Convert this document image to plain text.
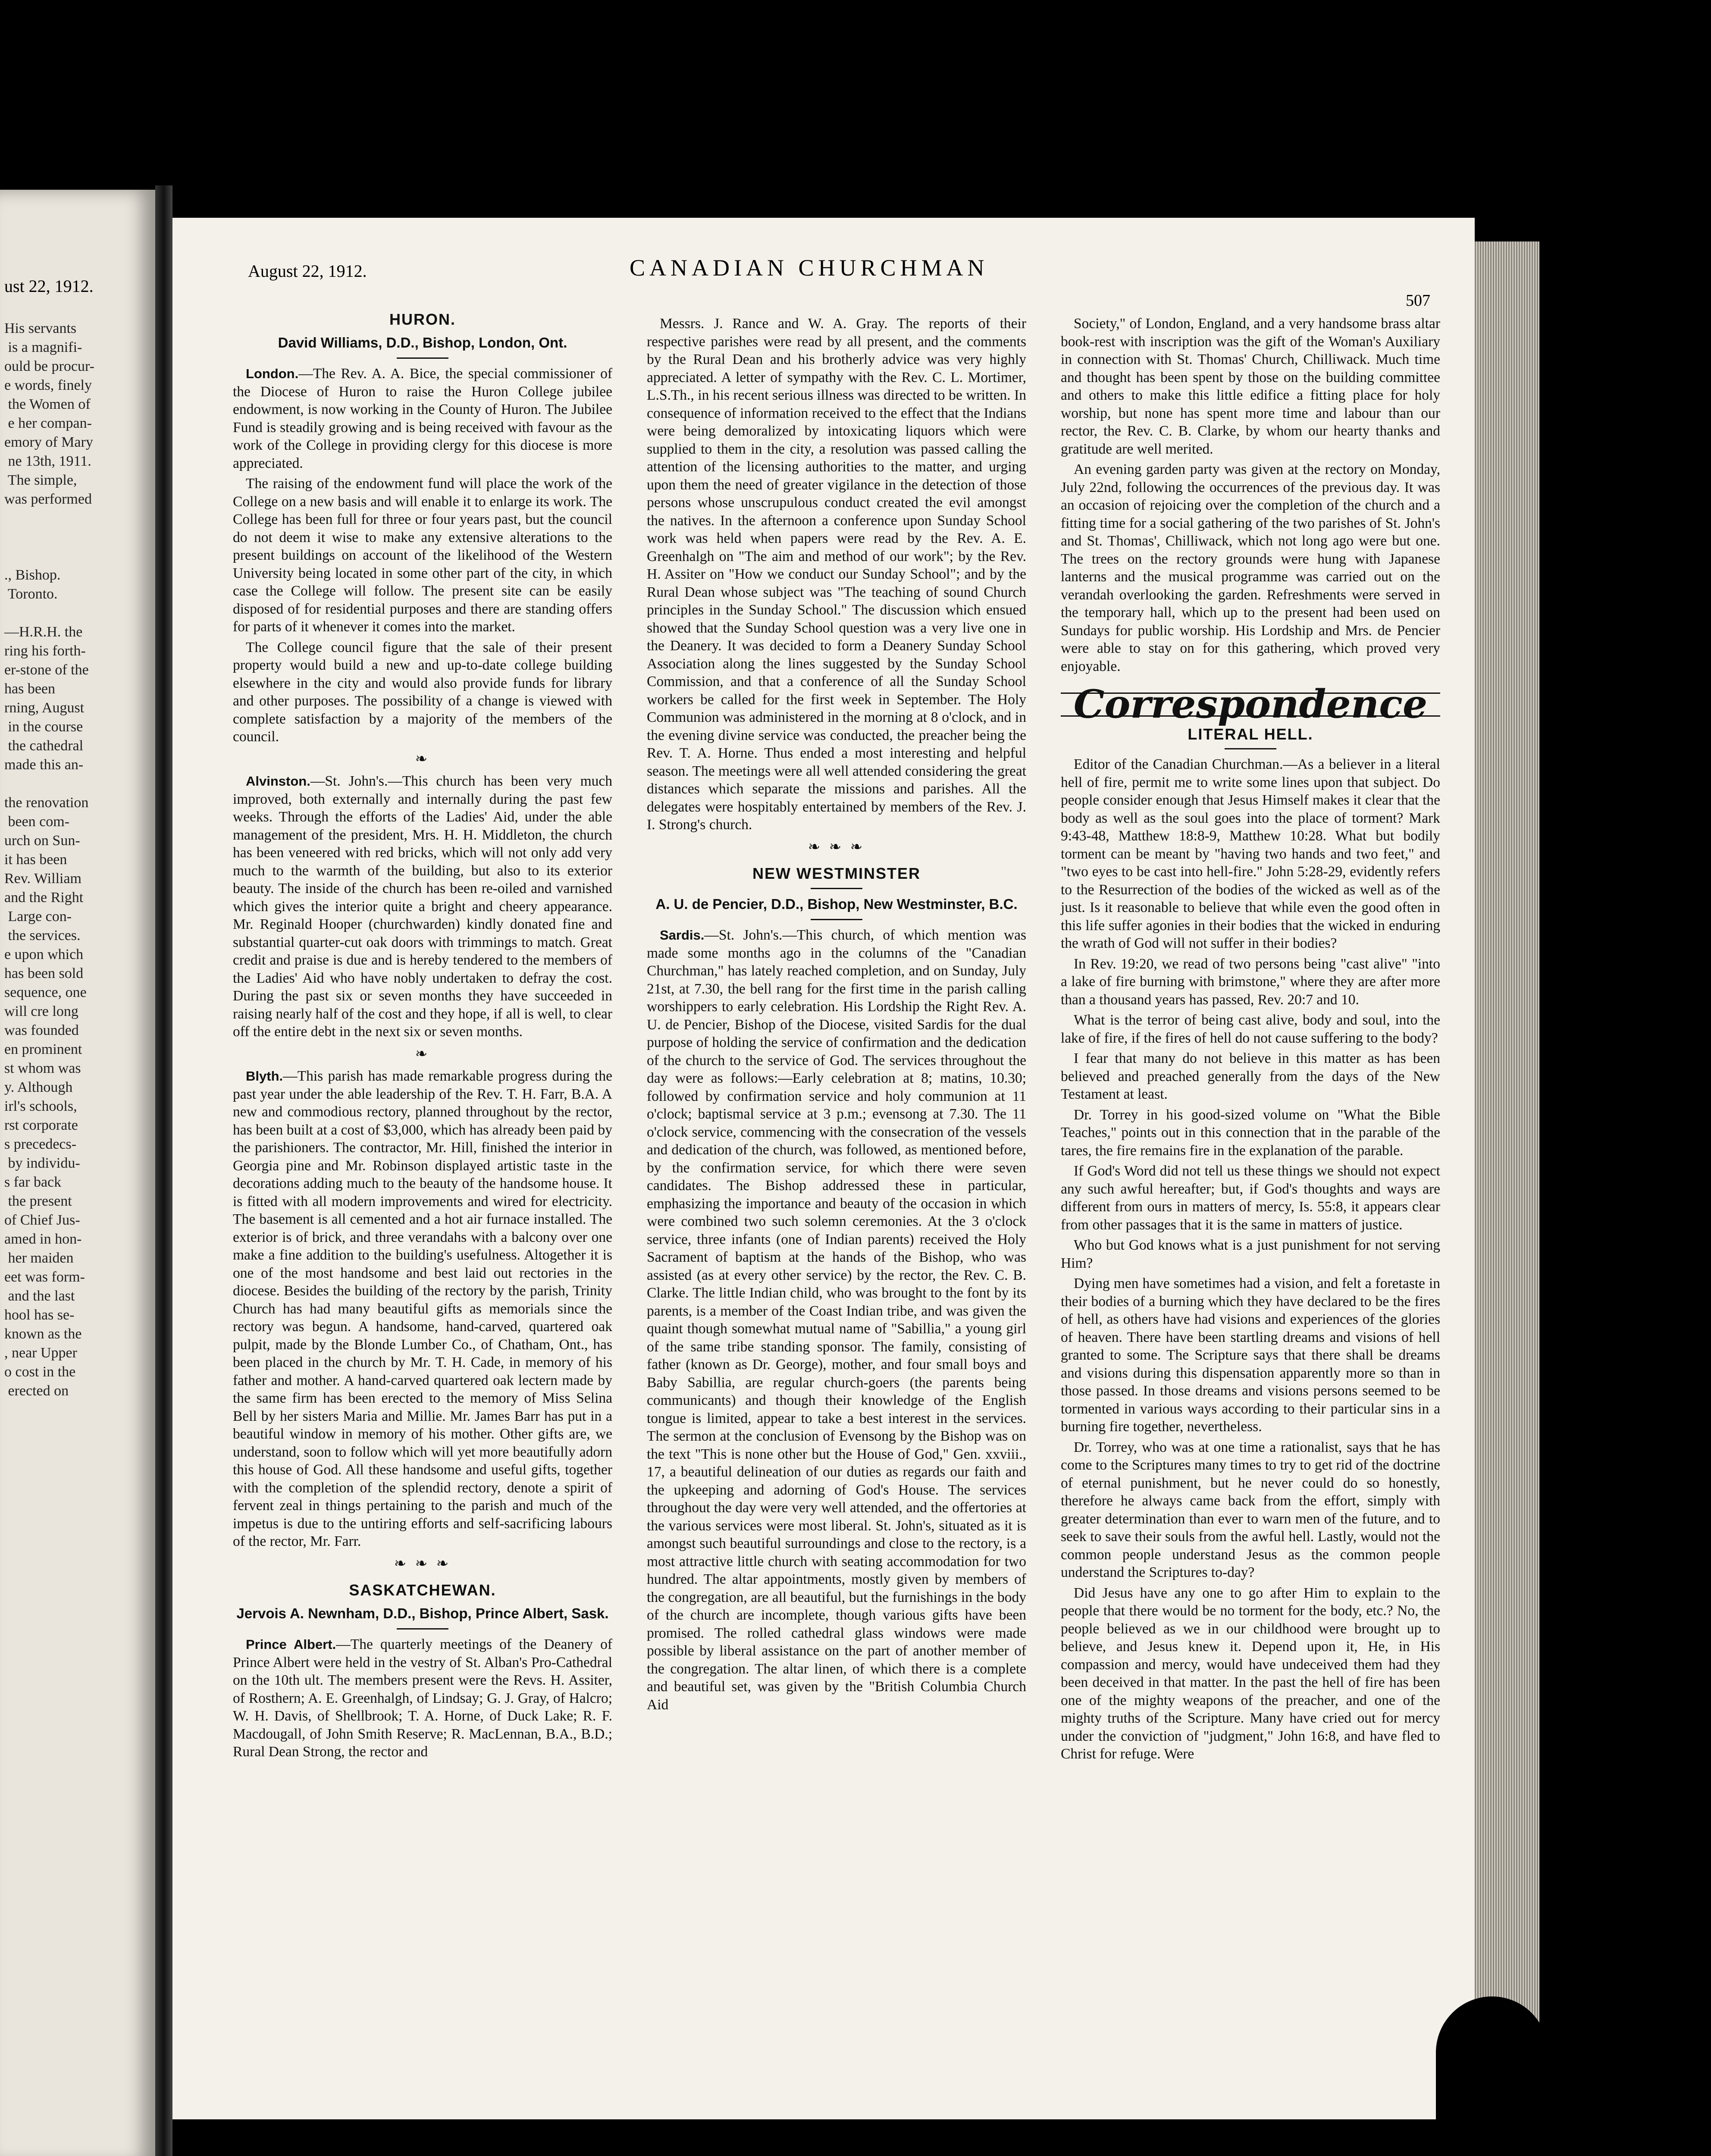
ust 22, 1912.
His servants
is a magnifi-
ould be procur-
e words, finely
the Women of
e her compan-
emory of Mary
ne 13th, 1911.
The simple,
was performed

., Bishop.
Toronto.

—H.R.H. the
ring his forth-
er-stone of the
has been
rning, August
in the course
the cathedral
made this an-

the renovation
been com-
urch on Sun-
it has been
Rev. William
and the Right
Large con-
the services.
e upon which
has been sold
sequence, one
will cre long
was founded
en prominent
st whom was
y. Although
irl's schools,
rst corporate
s precedecs-
by individu-
s far back
the present
of Chief Jus-
amed in hon-
her maiden
eet was form-
and the last
hool has se-
known as the
, near Upper
o cost in the
erected on
August 22, 1912.	CANADIAN CHURCHMAN
507
HURON.
David Williams, D.D., Bishop, London, Ont.

London.—The Rev. A. A. Bice, the special commissioner of the Diocese of Huron to raise the Huron College jubilee endowment, is now working in the County of Huron. The Jubilee Fund is steadily growing and is being received with favour as the work of the College in providing clergy for this diocese is more appreciated.

The raising of the endowment fund will place the work of the College on a new basis and will enable it to enlarge its work. The College has been full for three or four years past, but the council do not deem it wise to make any extensive alterations to the present buildings on account of the likelihood of the Western University being located in some other part of the city, in which case the College will follow. The present site can be easily disposed of for residential purposes and there are standing offers for parts of it whenever it comes into the market.

The College council figure that the sale of their present property would build a new and up-to-date college building elsewhere in the city and would also provide funds for library and other purposes. The possibility of a change is viewed with complete satisfaction by a majority of the members of the council.

❧

Alvinston.—St. John's.—This church has been very much improved, both externally and internally during the past few weeks. Through the efforts of the Ladies' Aid, under the able management of the president, Mrs. H. H. Middleton, the church has been veneered with red bricks, which will not only add very much to the warmth of the building, but also to its exterior beauty. The inside of the church has been re-oiled and varnished which gives the interior quite a bright and cheery appearance. Mr. Reginald Hooper (churchwarden) kindly donated fine and substantial quarter-cut oak doors with trimmings to match. Great credit and praise is due and is hereby tendered to the members of the Ladies' Aid who have nobly undertaken to defray the cost. During the past six or seven months they have succeeded in raising nearly half of the cost and they hope, if all is well, to clear off the entire debt in the next six or seven months.

❧

Blyth.—This parish has made remarkable progress during the past year under the able leadership of the Rev. T. H. Farr, B.A. A new and commodious rectory, planned throughout by the rector, has been built at a cost of $3,000, which has already been paid by the parishioners. The contractor, Mr. Hill, finished the interior in Georgia pine and Mr. Robinson displayed artistic taste in the decorations adding much to the beauty of the handsome house. It is fitted with all modern improvements and wired for electricity. The basement is all cemented and a hot air furnace installed. The exterior is of brick, and three verandahs with a balcony over one make a fine addition to the building's usefulness. Altogether it is one of the most handsome and best laid out rectories in the diocese. Besides the building of the rectory by the parish, Trinity Church has had many beautiful gifts as memorials since the rectory was begun. A handsome, hand-carved, quartered oak pulpit, made by the Blonde Lumber Co., of Chatham, Ont., has been placed in the church by Mr. T. H. Cade, in memory of his father and mother. A hand-carved quartered oak lectern made by the same firm has been erected to the memory of Miss Selina Bell by her sisters Maria and Millie. Mr. James Barr has put in a beautiful window in memory of his mother. Other gifts are, we understand, soon to follow which will yet more beautifully adorn this house of God. All these handsome and useful gifts, together with the completion of the splendid rectory, denote a spirit of fervent zeal in things pertaining to the parish and much of the impetus is due to the untiring efforts and self-sacrificing labours of the rector, Mr. Farr.

❧ ❧ ❧
SASKATCHEWAN.
Jervois A. Newnham, D.D., Bishop, Prince Albert, Sask.

Prince Albert.—The quarterly meetings of the Deanery of Prince Albert were held in the vestry of St. Alban's Pro-Cathedral on the 10th ult. The members present were the Revs. H. Assiter, of Rosthern; A. E. Greenhalgh, of Lindsay; G. J. Gray, of Halcro; W. H. Davis, of Shellbrook; T. A. Horne, of Duck Lake; R. F. Macdougall, of John Smith Reserve; R. MacLennan, B.A., B.D.; Rural Dean Strong, the rector and

Messrs. J. Rance and W. A. Gray. The reports of their respective parishes were read by all present, and the comments by the Rural Dean and his brotherly advice was very highly appreciated. A letter of sympathy with the Rev. C. L. Mortimer, L.S.Th., in his recent serious illness was directed to be written. In consequence of information received to the effect that the Indians were being demoralized by intoxicating liquors which were supplied to them in the city, a resolution was passed calling the attention of the licensing authorities to the matter, and urging upon them the need of greater vigilance in the detection of those persons whose unscrupulous conduct created the evil amongst the natives. In the afternoon a conference upon Sunday School work was held when papers were read by the Rev. A. E. Greenhalgh on "The aim and method of our work"; by the Rev. H. Assiter on "How we conduct our Sunday School"; and by the Rural Dean whose subject was "The teaching of sound Church principles in the Sunday School." The discussion which ensued showed that the Sunday School question was a very live one in the Deanery. It was decided to form a Deanery Sunday School Association along the lines suggested by the Sunday School Commission, and that a conference of all the Sunday School workers be called for the first week in September. The Holy Communion was administered in the morning at 8 o'clock, and in the evening divine service was conducted, the preacher being the Rev. T. A. Horne. Thus ended a most interesting and helpful season. The meetings were all well attended considering the great distances which separate the missions and parishes. All the delegates were hospitably entertained by members of the Rev. J. I. Strong's church.

❧ ❧ ❧
NEW WESTMINSTER
A. U. de Pencier, D.D., Bishop, New Westminster, B.C.

Sardis.—St. John's.—This church, of which mention was made some months ago in the columns of the "Canadian Churchman," has lately reached completion, and on Sunday, July 21st, at 7.30, the bell rang for the first time in the parish calling worshippers to early celebration. His Lordship the Right Rev. A. U. de Pencier, Bishop of the Diocese, visited Sardis for the dual purpose of holding the service of confirmation and the dedication of the church to the service of God. The services throughout the day were as follows:—Early celebration at 8; matins, 10.30; followed by confirmation service and holy communion at 11 o'clock; baptismal service at 3 p.m.; evensong at 7.30. The 11 o'clock service, commencing with the consecration of the vessels and dedication of the church, was followed, as mentioned before, by the confirmation service, for which there were seven candidates. The Bishop addressed these in particular, emphasizing the importance and beauty of the occasion in which were combined two such solemn ceremonies. At the 3 o'clock service, three infants (one of Indian parents) received the Holy Sacrament of baptism at the hands of the Bishop, who was assisted (as at every other service) by the rector, the Rev. C. B. Clarke. The little Indian child, who was brought to the font by its parents, is a member of the Coast Indian tribe, and was given the quaint though somewhat mutual name of "Sabillia," a young girl of the same tribe standing sponsor. The family, consisting of father (known as Dr. George), mother, and four small boys and Baby Sabillia, are regular church-goers (the parents being communicants) and though their knowledge of the English tongue is limited, appear to take a best interest in the services. The sermon at the conclusion of Evensong by the Bishop was on the text "This is none other but the House of God," Gen. xxviii., 17, a beautiful delineation of our duties as regards our faith and the upkeeping and adorning of God's House. The services throughout the day were very well attended, and the offertories at the various services were most liberal. St. John's, situated as it is amongst such beautiful surroundings and close to the rectory, is a most attractive little church with seating accommodation for two hundred. The altar appointments, mostly given by members of the congregation, are all beautiful, but the furnishings in the body of the church are incomplete, though various gifts have been promised. The rolled cathedral glass windows were made possible by liberal assistance on the part of another member of the congregation. The altar linen, of which there is a complete and beautiful set, was given by the "British Columbia Church Aid

Society," of London, England, and a very handsome brass altar book-rest with inscription was the gift of the Woman's Auxiliary in connection with St. Thomas' Church, Chilliwack. Much time and thought has been spent by those on the building committee and others to make this little edifice a fitting place for holy worship, but none has spent more time and labour than our rector, the Rev. C. B. Clarke, by whom our hearty thanks and gratitude are well merited.

An evening garden party was given at the rectory on Monday, July 22nd, following the occurrences of the previous day. It was an occasion of rejoicing over the completion of the church and a fitting time for a social gathering of the two parishes of St. John's and St. Thomas', Chilliwack, which not long ago were but one. The trees on the rectory grounds were hung with Japanese lanterns and the musical programme was carried out on the verandah overlooking the garden. Refreshments were served in the temporary hall, which up to the present had been used on Sundays for public worship. His Lordship and Mrs. de Pencier were able to stay on for this gathering, which proved very enjoyable.

Correspondence
LITERAL HELL.

Editor of the Canadian Churchman.—As a believer in a literal hell of fire, permit me to write some lines upon that subject. Do people consider enough that Jesus Himself makes it clear that the body as well as the soul goes into the place of torment? Mark 9:43-48, Matthew 18:8-9, Matthew 10:28. What but bodily torment can be meant by "having two hands and two feet," and "two eyes to be cast into hell-fire." John 5:28-29, evidently refers to the Resurrection of the bodies of the wicked as well as of the just. Is it reasonable to believe that while even the good often in this life suffer agonies in their bodies that the wicked in enduring the wrath of God will not suffer in their bodies?

In Rev. 19:20, we read of two persons being "cast alive" "into a lake of fire burning with brimstone," where they are after more than a thousand years has passed, Rev. 20:7 and 10.

What is the terror of being cast alive, body and soul, into the lake of fire, if the fires of hell do not cause suffering to the body?

I fear that many do not believe in this matter as has been believed and preached generally from the days of the New Testament at least.

Dr. Torrey in his good-sized volume on "What the Bible Teaches," points out in this connection that in the parable of the tares, the fire remains fire in the explanation of the parable.

If God's Word did not tell us these things we should not expect any such awful hereafter; but, if God's thoughts and ways are different from ours in matters of mercy, Is. 55:8, it appears clear from other passages that it is the same in matters of justice.

Who but God knows what is a just punishment for not serving Him?

Dying men have sometimes had a vision, and felt a foretaste in their bodies of a burning which they have declared to be the fires of hell, as others have had visions and experiences of the glories of heaven. There have been startling dreams and visions of hell granted to some. The Scripture says that there shall be dreams and visions during this dispensation apparently more so than in those passed. In those dreams and visions persons seemed to be tormented in various ways according to their particular sins in a burning fire together, nevertheless.

Dr. Torrey, who was at one time a rationalist, says that he has come to the Scriptures many times to try to get rid of the doctrine of eternal punishment, but he never could do so honestly, therefore he always came back from the effort, simply with greater determination than ever to warn men of the future, and to seek to save their souls from the awful hell. Lastly, would not the common people understand Jesus as the common people understand the Scriptures to-day?

Did Jesus have any one to go after Him to explain to the people that there would be no torment for the body, etc.? No, the people believed as we in our childhood were brought up to believe, and Jesus knew it. Depend upon it, He, in His compassion and mercy, would have undeceived them had they been deceived in that matter. In the past the hell of fire has been one of the mighty weapons of the preacher, and one of the mighty truths of the Scripture. Many have cried out for mercy under the conviction of "judgment," John 16:8, and have fled to Christ for refuge. Were
